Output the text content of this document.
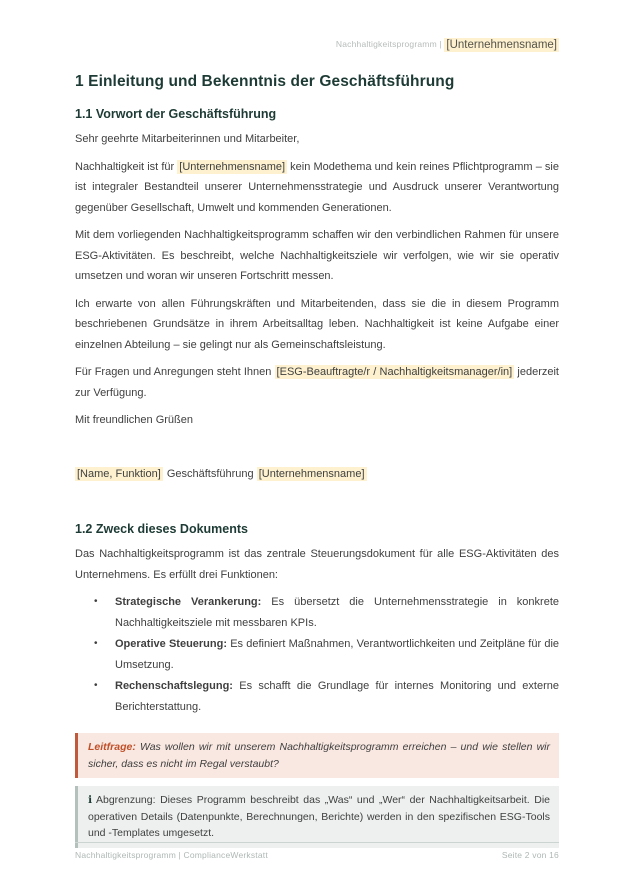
Nachhaltigkeitsprogramm | [Unternehmensname]
1 Einleitung und Bekenntnis der Geschäftsführung
1.1 Vorwort der Geschäftsführung

Sehr geehrte Mitarbeiterinnen und Mitarbeiter,

Nachhaltigkeit ist für [Unternehmensname] kein Modethema und kein reines Pflichtprogramm – sie ist integraler Bestandteil unserer Unternehmensstrategie und Ausdruck unserer Verantwortung gegenüber Gesellschaft, Umwelt und kommenden Generationen.

Mit dem vorliegenden Nachhaltigkeitsprogramm schaffen wir den verbindlichen Rahmen für unsere ESG-Aktivitäten. Es beschreibt, welche Nachhaltigkeitsziele wir verfolgen, wie wir sie operativ umsetzen und woran wir unseren Fortschritt messen.

Ich erwarte von allen Führungskräften und Mitarbeitenden, dass sie die in diesem Programm beschriebenen Grundsätze in ihrem Arbeitsalltag leben. Nachhaltigkeit ist keine Aufgabe einer einzelnen Abteilung – sie gelingt nur als Gemeinschaftsleistung.

Für Fragen und Anregungen steht Ihnen [ESG-Beauftragte/r / Nachhaltigkeitsmanager/in] jederzeit zur Verfügung.

Mit freundlichen Grüßen

[Name, Funktion] Geschäftsführung [Unternehmensname]

1.2 Zweck dieses Dokuments

Das Nachhaltigkeitsprogramm ist das zentrale Steuerungsdokument für alle ESG-Aktivitäten des Unternehmens. Es erfüllt drei Funktionen:

• Strategische Verankerung: Es übersetzt die Unternehmensstrategie in konkrete Nachhaltigkeitsziele mit messbaren KPIs.
• Operative Steuerung: Es definiert Maßnahmen, Verantwortlichkeiten und Zeitpläne für die Umsetzung.
• Rechenschaftslegung: Es schafft die Grundlage für internes Monitoring und externe Berichterstattung.
Leitfrage: Was wollen wir mit unserem Nachhaltigkeitsprogramm erreichen – und wie stellen wir sicher, dass es nicht im Regal verstaubt?
ℹ Abgrenzung: Dieses Programm beschreibt das „Was“ und „Wer“ der Nachhaltigkeitsarbeit. Die operativen Details (Datenpunkte, Berechnungen, Berichte) werden in den spezifischen ESG-Tools und -Templates umgesetzt.
Nachhaltigkeitsprogramm | ComplianceWerkstatt	Seite 2 von 16
